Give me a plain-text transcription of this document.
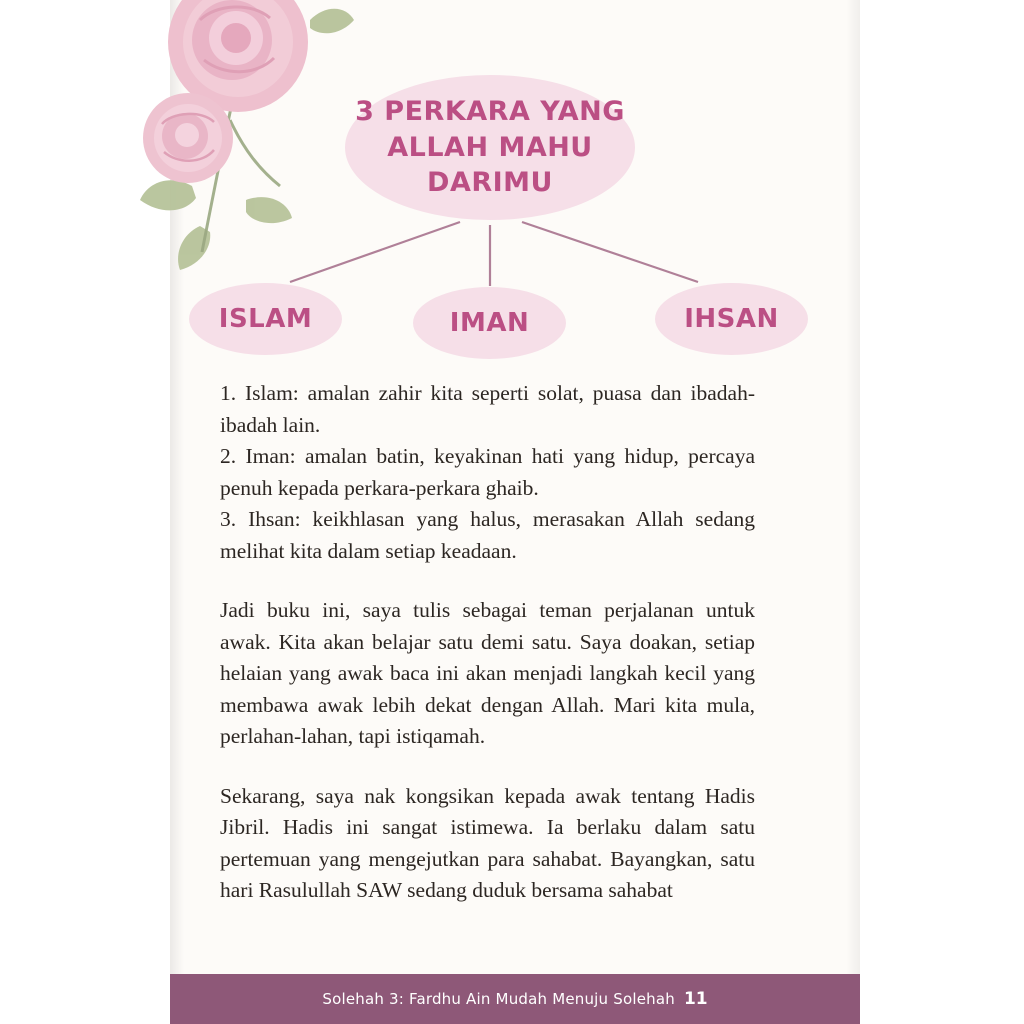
3 PERKARA YANG
ALLAH MAHU
DARIMU
ISLAM	IMAN	IHSAN

1. Islam: amalan zahir kita seperti solat, puasa dan ibadah-ibadah lain.

2. Iman: amalan batin, keyakinan hati yang hidup, percaya penuh kepada perkara-perkara ghaib.

3. Ihsan: keikhlasan yang halus, merasakan Allah sedang melihat kita dalam setiap keadaan.

Jadi buku ini, saya tulis sebagai teman perjalanan untuk awak. Kita akan belajar satu demi satu. Saya doakan, setiap helaian yang awak baca ini akan menjadi langkah kecil yang membawa awak lebih dekat dengan Allah. Mari kita mula, perlahan-lahan, tapi istiqamah.

Sekarang, saya nak kongsikan kepada awak tentang Hadis Jibril. Hadis ini sangat istimewa. Ia berlaku dalam satu pertemuan yang mengejutkan para sahabat. Bayangkan, satu hari Rasulullah SAW sedang duduk bersama sahabat

Solehah 3: Fardhu Ain Mudah Menuju Solehah 11
